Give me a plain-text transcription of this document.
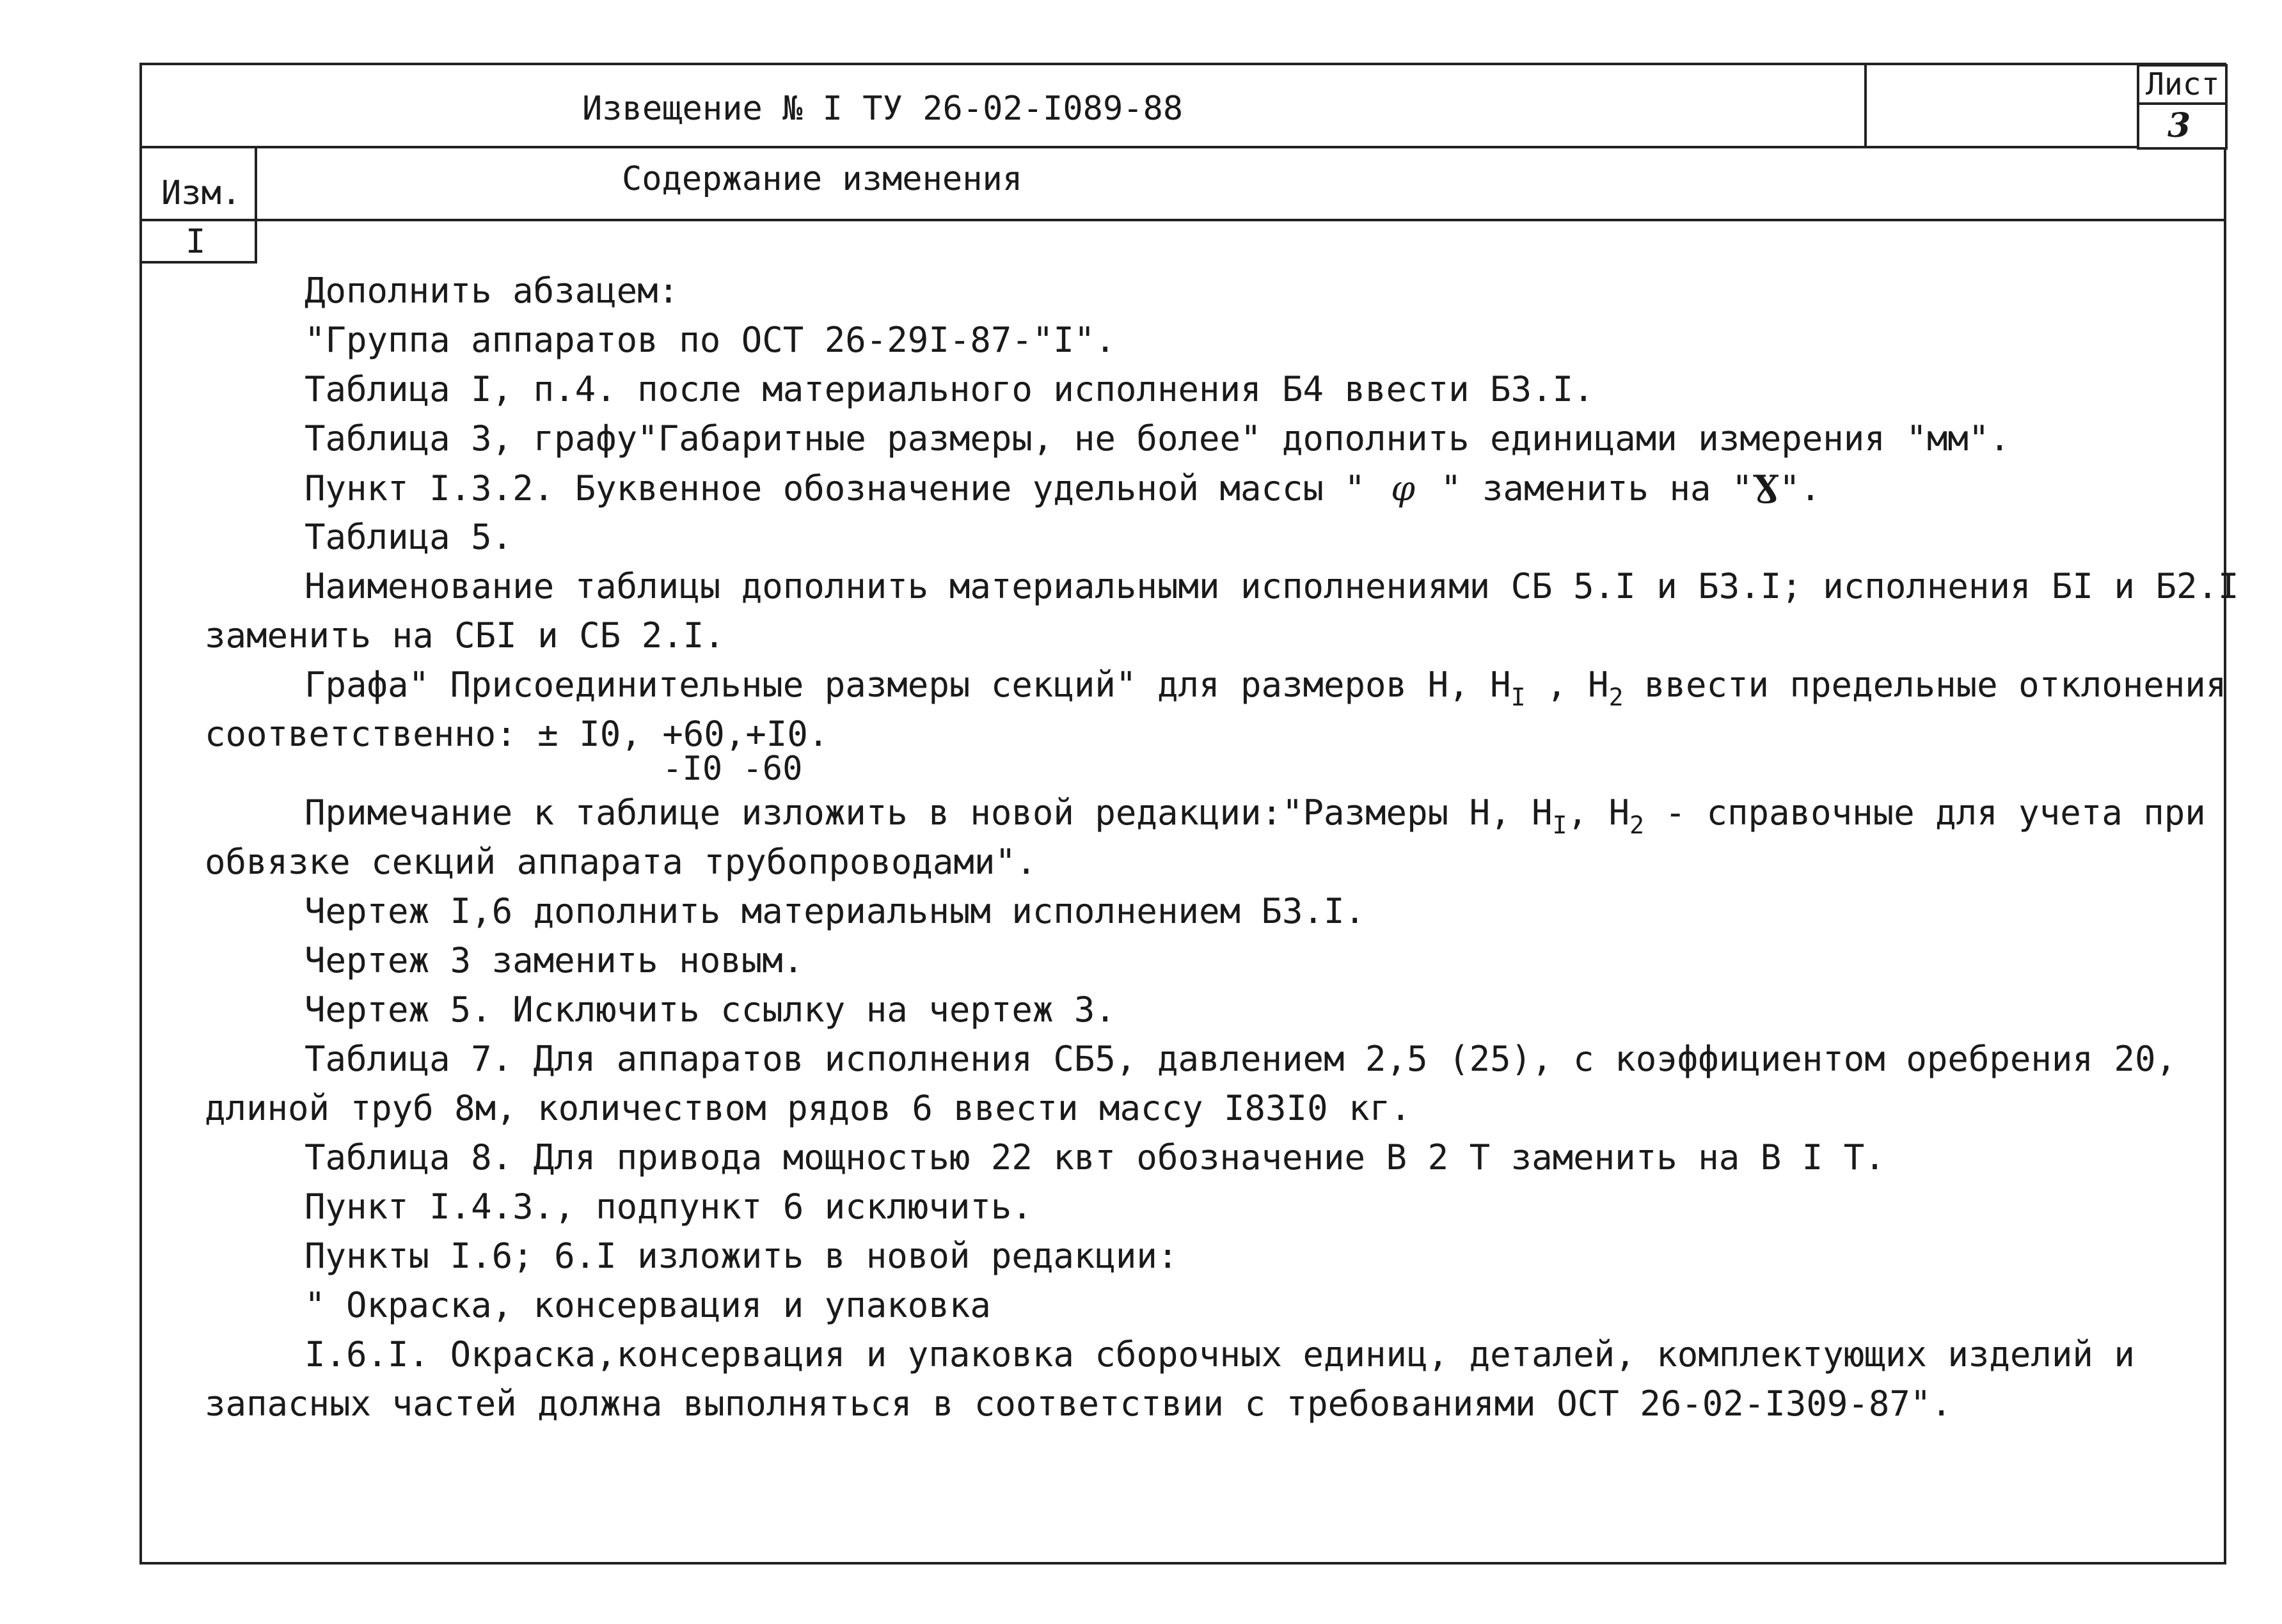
Лист
3
Извещение № I ТУ 26-02-I089-88
Изм.	Содержание изменения
I
Дополнить абзацем:
"Группа аппаратов по ОСТ 26-29I-87-"I".
Таблица I, п.4. после материального исполнения Б4 ввести Б3.I.
Таблица 3, графу"Габаритные размеры, не более" дополнить единицами измерения "мм".
Пункт I.3.2. Буквенное обозначение удельной массы " φ " заменить на "Ɣ".
Таблица 5.
Наименование таблицы дополнить материальными исполнениями СБ 5.I и Б3.I; исполнения БI и Б2.I
заменить на СБI и СБ 2.I.
Графа" Присоединительные размеры секций" для размеров Н, $Н_I$ , $Н_2$ ввести предельные отклонения
соответственно: ± I0, +60,+I0.
-I0 -60
Примечание к таблице изложить в новой редакции:"Размеры Н, $Н_I$, $Н_2$ - справочные для учета при
обвязке секций аппарата трубопроводами".
Чертеж I,6 дополнить материальным исполнением Б3.I.
Чертеж 3 заменить новым.
Чертеж 5. Исключить ссылку на чертеж 3.
Таблица 7. Для аппаратов исполнения СБ5, давлением 2,5 (25), с коэффициентом оребрения 20,
длиной труб 8м, количеством рядов 6 ввести массу I83I0 кг.
Таблица 8. Для привода мощностью 22 квт обозначение В 2 Т заменить на В I Т.
Пункт I.4.3., подпункт 6 исключить.
Пункты I.6; 6.I изложить в новой редакции:
" Окраска, консервация и упаковка
I.6.I. Окраска,консервация и упаковка сборочных единиц, деталей, комплектующих изделий и
запасных частей должна выполняться в соответствии с требованиями ОСТ 26-02-I309-87".
